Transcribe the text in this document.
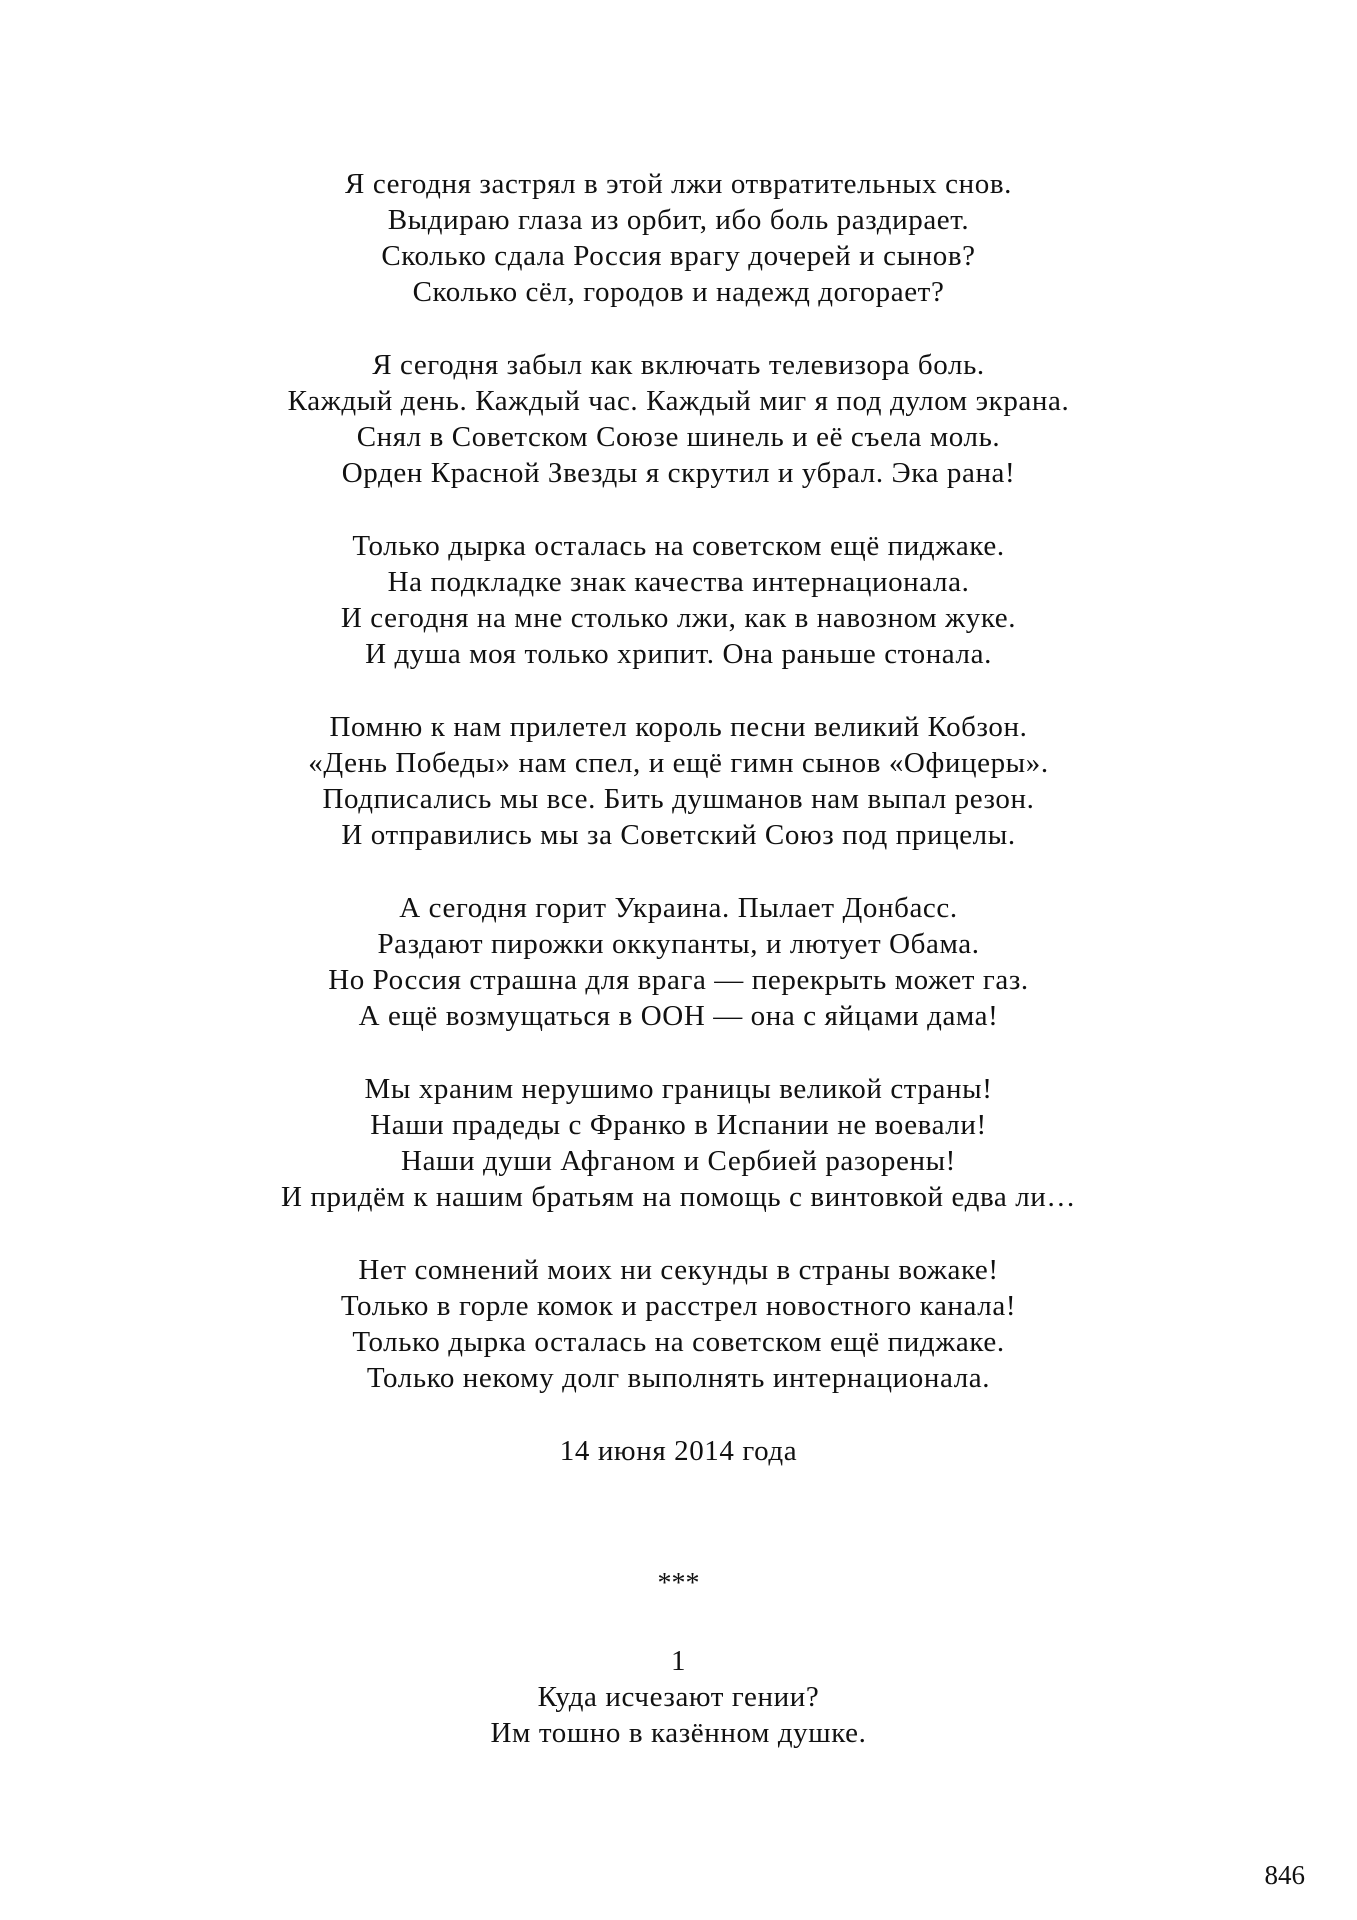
Я сегодня застрял в этой лжи отвратительных снов.
Выдираю глаза из орбит, ибо боль раздирает.
Сколько сдала Россия врагу дочерей и сынов?
Сколько сёл, городов и надежд догорает?
Я сегодня забыл как включать телевизора боль.
Каждый день. Каждый час. Каждый миг я под дулом экрана.
Снял в Советском Союзе шинель и её съела моль.
Орден Красной Звезды я скрутил и убрал. Эка рана!
Только дырка осталась на советском ещё пиджаке.
На подкладке знак качества интернационала.
И сегодня на мне столько лжи, как в навозном жуке.
И душа моя только хрипит. Она раньше стонала.
Помню к нам прилетел король песни великий Кобзон.
«День Победы» нам спел, и ещё гимн сынов «Офицеры».
Подписались мы все. Бить душманов нам выпал резон.
И отправились мы за Советский Союз под прицелы.
А сегодня горит Украина. Пылает Донбасс.
Раздают пирожки оккупанты, и лютует Обама.
Но Россия страшна для врага — перекрыть может газ.
А ещё возмущаться в ООН — она с яйцами дама!
Мы храним нерушимо границы великой страны!
Наши прадеды с Франко в Испании не воевали!
Наши души Афганом и Сербией разорены!
И придём к нашим братьям на помощь с винтовкой едва ли…
Нет сомнений моих ни секунды в страны вожаке!
Только в горле комок и расстрел новостного канала!
Только дырка осталась на советском ещё пиджаке.
Только некому долг выполнять интернационала.
14 июня 2014 года
***
1
Куда исчезают гении?
Им тошно в казённом душке.
846
